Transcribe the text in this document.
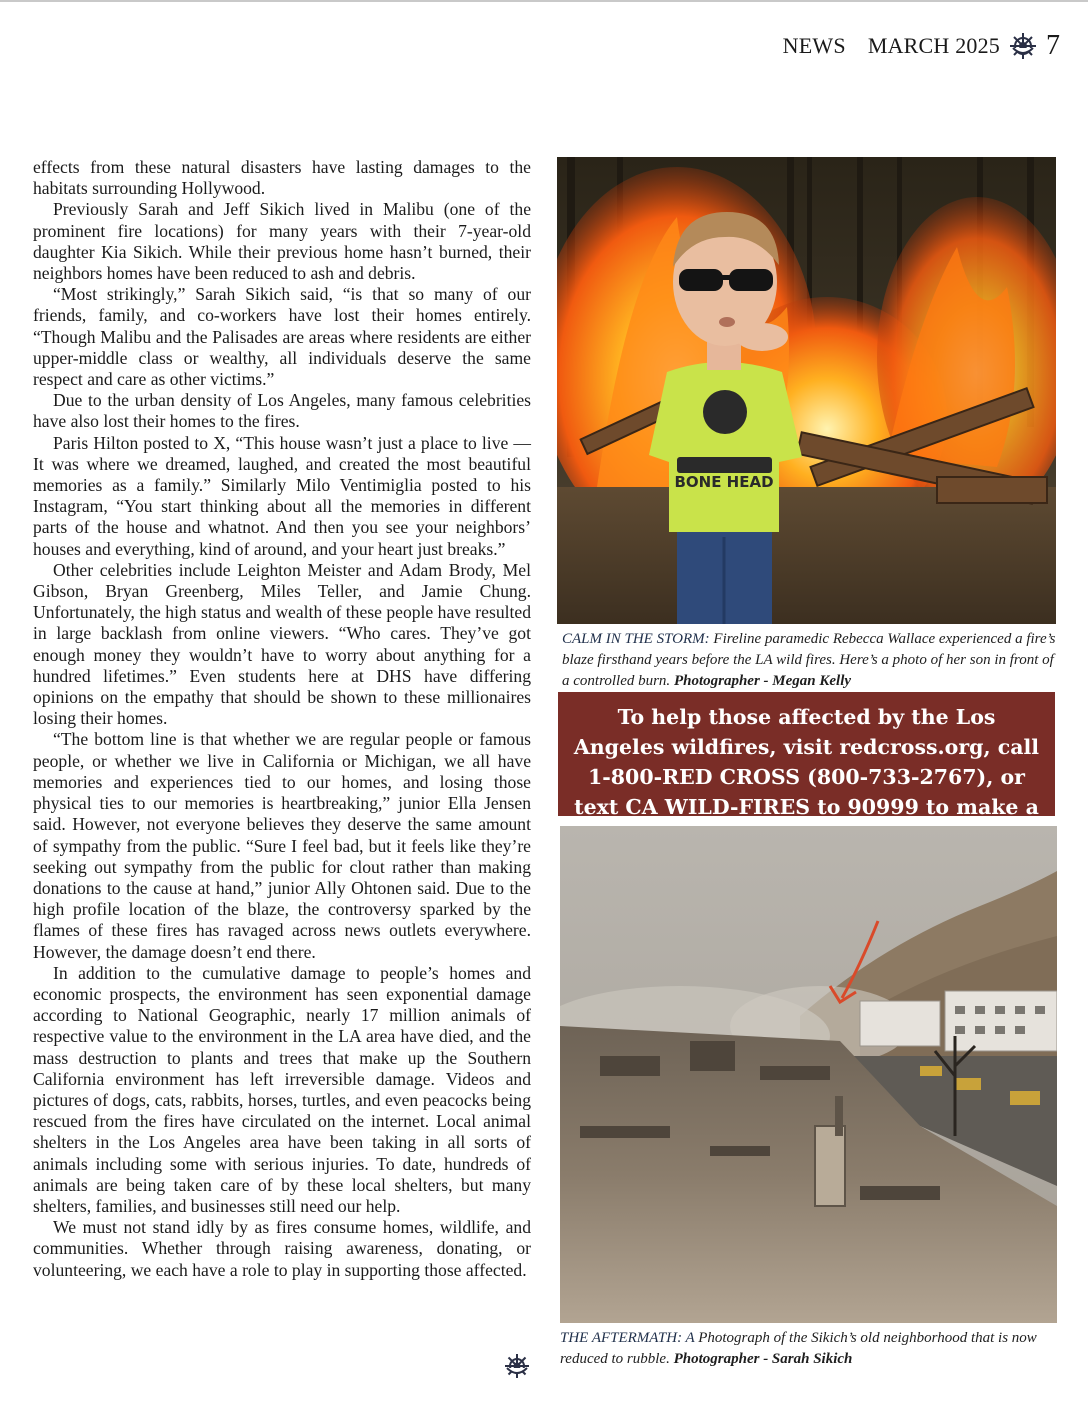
NEWS MARCH 2025 7

effects from these natural disasters have lasting damages to the habitats surrounding Hollywood.

Previously Sarah and Jeff Sikich lived in Malibu (one of the prominent fire locations) for many years with their 7-year-old daughter Kia Sikich. While their previous home hasn’t burned, their neighbors homes have been reduced to ash and debris.

“Most strikingly,” Sarah Sikich said, “is that so many of our friends, family, and co-workers have lost their homes entirely. “Though Malibu and the Palisades are areas where residents are either upper-middle class or wealthy, all individuals deserve the same respect and care as other victims.”

Due to the urban density of Los Angeles, many famous celebrities have also lost their homes to the fires.

Paris Hilton posted to X, “This house wasn’t just a place to live — It was where we dreamed, laughed, and created the most beautiful memories as a family.” Similarly Milo Ventimiglia posted to his Instagram, “You start thinking about all the memories in different parts of the house and whatnot. And then you see your neighbors’ houses and everything, kind of around, and your heart just breaks.”

Other celebrities include Leighton Meister and Adam Brody, Mel Gibson, Bryan Greenberg, Miles Teller, and Jamie Chung. Unfortunately, the high status and wealth of these people have resulted in large backlash from online viewers. “Who cares. They’ve got enough money they wouldn’t have to worry about anything for a hundred lifetimes.” Even students here at DHS have differing opinions on the empathy that should be shown to these millionaires losing their homes.

“The bottom line is that whether we are regular people or famous people, or whether we live in California or Michigan, we all have memories and experiences tied to our homes, and losing those physical ties to our memories is heartbreaking,” junior Ella Jensen said. However, not everyone believes they deserve the same amount of sympathy from the public. “Sure I feel bad, but it feels like they’re seeking out sympathy from the public for clout rather than making donations to the cause at hand,” junior Ally Ohtonen said. Due to the high profile location of the blaze, the controversy sparked by the flames of these fires has ravaged across news outlets everywhere. However, the damage doesn’t end there.

In addition to the cumulative damage to people’s homes and economic prospects, the environment has seen exponential damage according to National Geographic, nearly 17 million animals of respective value to the environment in the LA area have died, and the mass destruction to plants and trees that make up the Southern California environment has left irreversible damage. Videos and pictures of dogs, cats, rabbits, horses, turtles, and even peacocks being rescued from the fires have circulated on the internet. Local animal shelters in the Los Angeles area have been taking in all sorts of animals including some with serious injuries. To date, hundreds of animals are being taken care of by these local shelters, but many shelters, families, and businesses still need our help.

We must not stand idly by as fires consume homes, wildlife, and communities. Whether through raising awareness, donating, or volunteering, we each have a role to play in supporting those affected.

BONE HEAD
CALM IN THE STORM: Fireline paramedic Rebecca Wallace experienced a fire’s blaze firsthand years before the LA wild fires. Here’s a photo of her son in front of a controlled burn. Photographer - Megan Kelly
To help those affected by the Los Angeles wildfires, visit redcross.org, call 1-800-RED CROSS (800-733-2767), or text CA WILD-FIRES to 90999 to make a
THE AFTERMATH: A Photograph of the Sikich’s old neighborhood that is now reduced to rubble. Photographer - Sarah Sikich
